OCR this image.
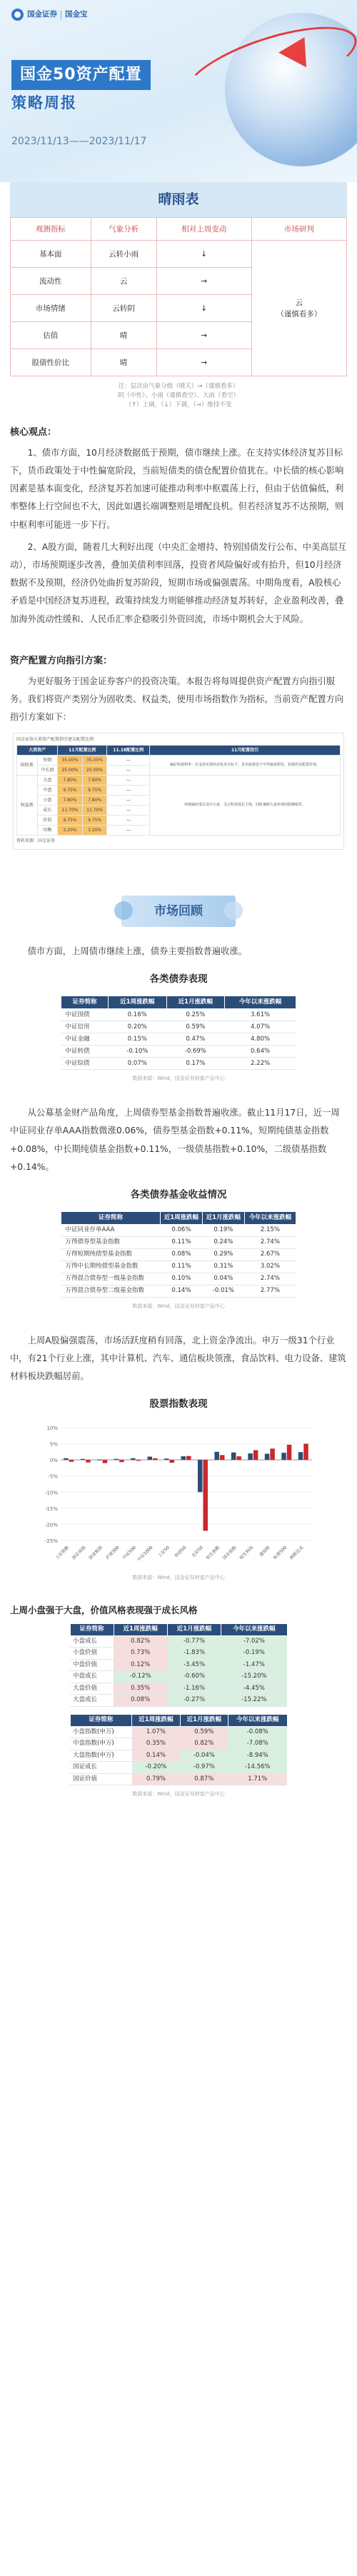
国金证券 国金宝
国金50资产配置
策略周报
2023/11/13——2023/11/17
晴雨表
观测指标	气象分析	相对上周变动	市场研判
基本面	云转小雨	↓	云
（谨慎看多）
流动性	云	→	
市场情绪	云转阴	↓	
估值	晴	→	
股债性价比	晴	→	
注：层次由气象分级（晴天）→（谨慎看多）
阴（中性）、小雨（谨慎看空）、大雨（看空）
（↑）上调，（↓）下调，（→）维持不变
核心观点：

1、债市方面，10月经济数据低于预期，债市继续上涨。在支持实体经济复苏目标下，货币政策处于中性偏宽阶段，当前短债类的债仓配置价值犹在。中长债的核心影响因素是基本面变化，经济复苏若加速可能推动利率中枢震荡上行，但由于估值偏低，利率整体上行空间也不大，因此如遇长端调整则是增配良机。但若经济复苏不达预期，则中枢利率可能进一步下行。

2、A股方面，随着几大利好出现（中央汇金增持、特别国债发行公布、中美高层互动），市场预期逐步改善，叠加美债利率回落，投资者风险偏好或有抬升，但10月经济数据不及预期，经济仍处曲折复苏阶段，短期市场或偏强震荡。中期角度看，A股核心矛盾是中国经济复苏进程，政策持续发力则能够推动经济复苏转好，企业盈利改善，叠加海外流动性缓和、人民币汇率企稳吸引外资回流，市场中期机会大于风险。

资产配置方向指引方案：

为更好服务于国金证券客户的投资决策。本报告将每周提供资产配置方向指引服务。我们将资产类别分为固收类、权益类，使用市场指数作为指标，当前资产配置方向指引方案如下：

国金证券大类资产配置指引建议配置比例
大类资产		11月配置比例		11.18配置比例	11月配置指引
固收类	短债	35.00%	35.00%	—	偏好短债利率：在支持实体经济复苏目标下，货币政策处于中性偏宽阶段，短债仍具配置价值。
	中长债	25.00%	25.00%	—	
权益类	大盘	7.80%	7.80%	—	风格偏好成长及中小盘，关注科技成长主线，同时兼顾大盘价值的防御属性。
	中盘	9.75%	9.75%	—	
	小盘	7.80%	7.80%	—	
	成长	11.70%	11.70%	—	
	价值	9.75%	9.75%	—	
	均衡	3.20%	3.20%	—	
资料来源：国金证券
市场回顾

债市方面，上周债市继续上涨，债券主要指数普遍收涨。

各类债券表现
证券简称	近1周涨跌幅	近1月涨跌幅	今年以来涨跌幅
中证国债	0.16%	0.25%	3.61%
中证信用	0.20%	0.59%	4.07%
中证金融	0.15%	0.47%	4.80%
中证转债	-0.10%	-0.69%	0.64%
中证综债	0.07%	0.17%	2.22%
数据来源：Wind，国金证券财富产品中心

从公募基金财产品角度，上周债券型基金指数普遍收涨。截止11月17日，近一周中证同业存单AAA指数微涨0.06%，债券型基金指数+0.11%，短期纯债基金指数+0.08%，中长期纯债基金指数+0.11%，一级债基指数+0.10%，二级债基指数+0.14%。

各类债券基金收益情况
证券简称	近1周涨跌幅	近1月涨跌幅	今年以来涨跌幅
中证同业存单AAA	0.06%	0.19%	2.15%
万得债券型基金指数	0.11%	0.24%	2.74%
万得短期纯债型基金指数	0.08%	0.29%	2.67%
万得中长期纯债型基金指数	0.11%	0.31%	3.02%
万得混合债券型一级基金指数	0.10%	0.04%	2.74%
万得混合债券型二级基金指数	0.14%	-0.01%	2.77%
数据来源：Wind，国金证券财富产品中心

上周A股偏强震荡，市场活跃度稍有回落，北上资金净流出。申万一级31个行业中，有21个行业上涨，其中计算机、汽车、通信板块领涨，食品饮料、电力设备、建筑材料板块跌幅居前。

股票指数表现
-25%
-20%
-15%
-10%
-5%
0%
5%
10%
上证指数 深证成指 创业板指 沪深300 中证500 中证1000 上证50 科创50 北证50 恒生指数 国企指数 恒生科技 道琼斯 标普500 纳斯达克
数据来源：Wind，国金证券财富产品中心
上周小盘强于大盘，价值风格表现强于成长风格
证券简称	近1周涨跌幅	近1月涨跌幅	今年以来涨跌幅
小盘成长	0.82%	-0.77%	-7.02%
小盘价值	0.73%	-1.83%	-0.19%
中盘价值	0.12%	-3.45%	-1.47%
中盘成长	-0.12%	-0.60%	-15.20%
大盘价值	0.35%	-1.16%	-4.45%
大盘成长	0.08%	-0.27%	-15.22%
证券简称	近1周涨跌幅	近1月涨跌幅	今年以来涨跌幅
小盘指数(申万)	1.07%	0.59%	-0.08%
中盘指数(申万)	0.35%	0.82%	-7.08%
大盘指数(申万)	0.14%	-0.04%	-8.94%
国证成长	-0.20%	-0.97%	-14.56%
国证价值	0.79%	0.87%	1.71%
数据来源：Wind，国金证券财富产品中心
